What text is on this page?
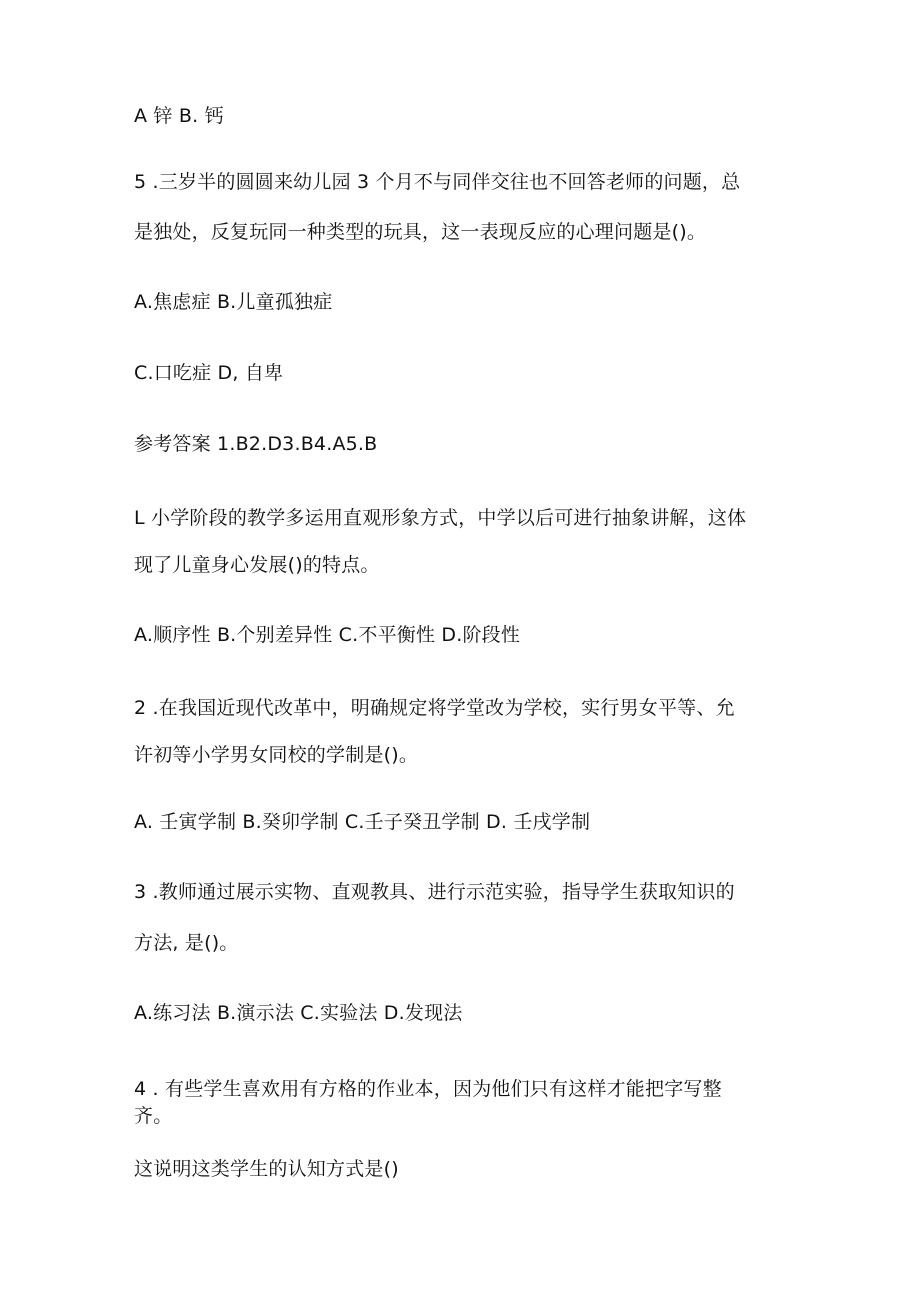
A 锌 B. 钙
5 .三岁半的圆圆来幼儿园 3 个月不与同伴交往也不回答老师的问题，总
是独处，反复玩同一种类型的玩具，这一表现反应的心理问题是()。
A.焦虑症 B.儿童孤独症
C.口吃症 D, 自卑
参考答案 1.B2.D3.B4.A5.B
L 小学阶段的教学多运用直观形象方式，中学以后可进行抽象讲解，这体
现了儿童身心发展()的特点。
A.顺序性 B.个别差异性 C.不平衡性 D.阶段性
2 .在我国近现代改革中，明确规定将学堂改为学校，实行男女平等、允
许初等小学男女同校的学制是()。
A. 壬寅学制 B.癸卯学制 C.壬子癸丑学制 D. 壬戌学制
3 .教师通过展示实物、直观教具、进行示范实验，指导学生获取知识的
方法, 是()。
A.练习法 B.演示法 C.实验法 D.发现法
4 . 有些学生喜欢用有方格的作业本，因为他们只有这样才能把字写整
齐。
这说明这类学生的认知方式是()
